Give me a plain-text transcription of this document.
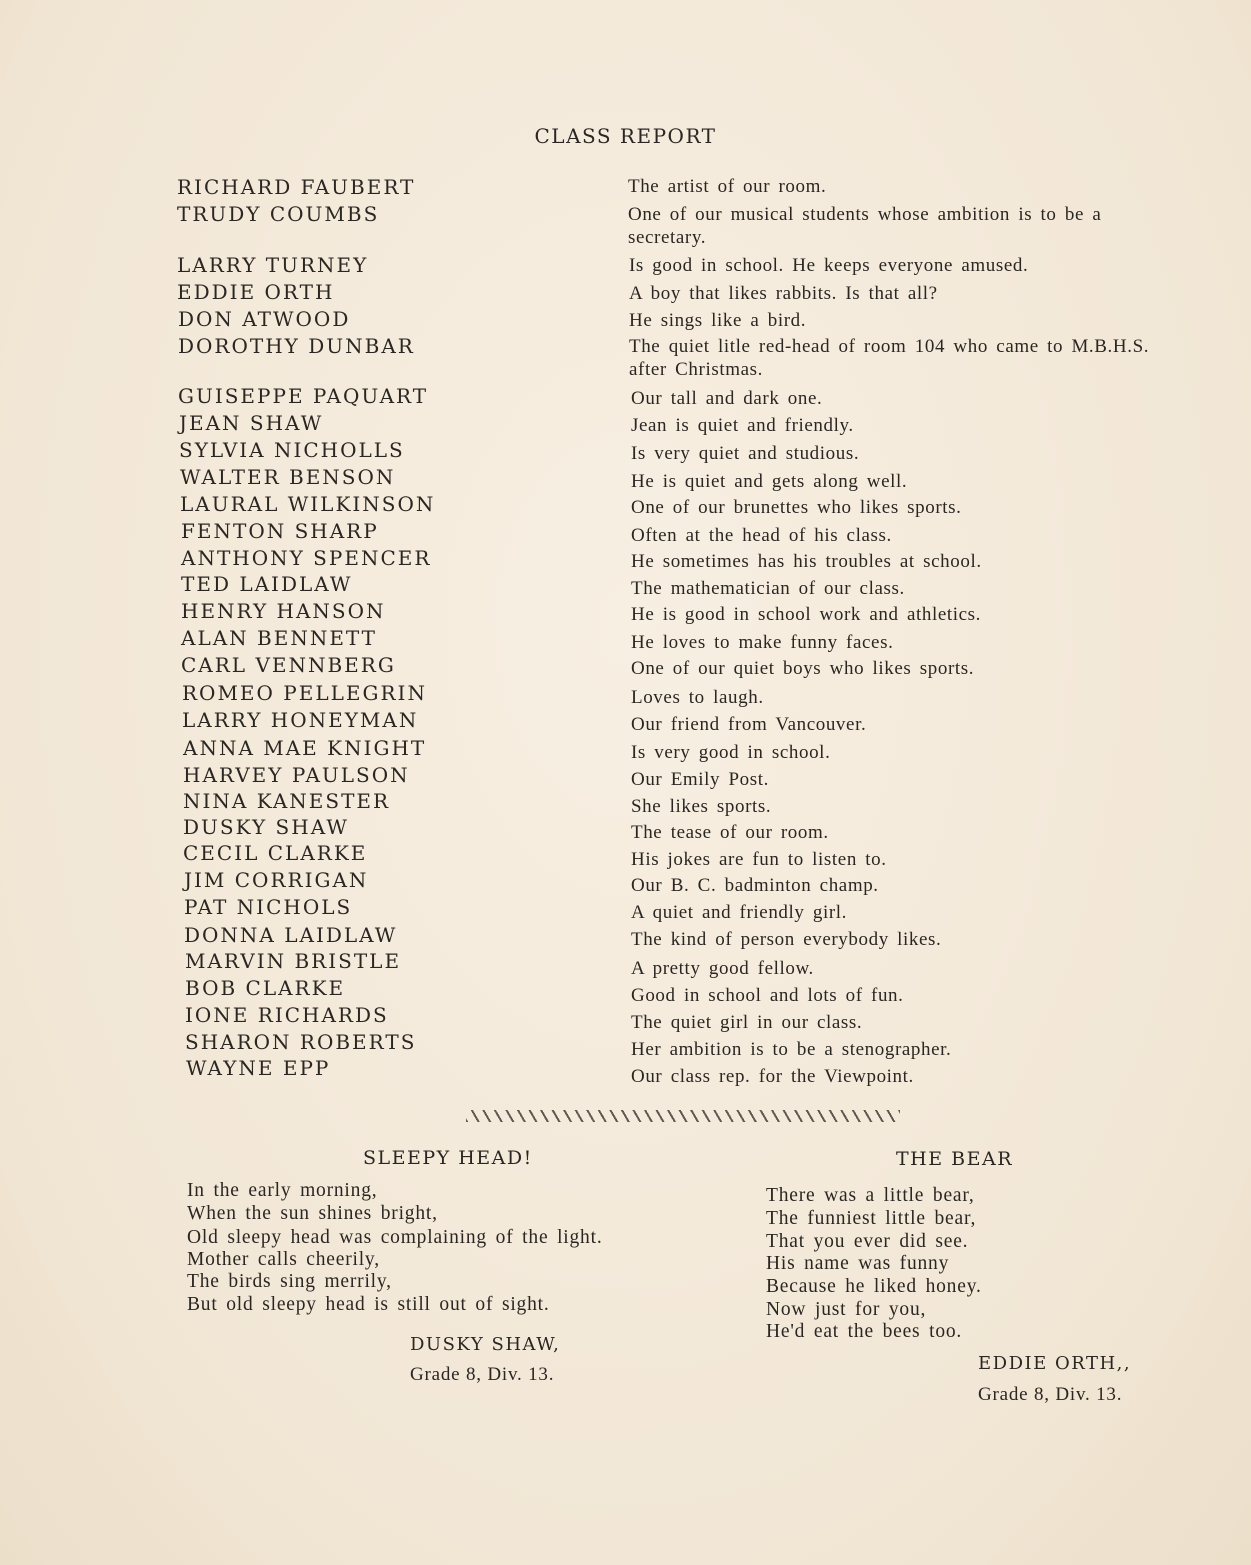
CLASS REPORT
RICHARD FAUBERT
TRUDY COUMBS
LARRY TURNEY
EDDIE ORTH
DON ATWOOD
DOROTHY DUNBAR
GUISEPPE PAQUART
JEAN SHAW
SYLVIA NICHOLLS
WALTER BENSON
LAURAL WILKINSON
FENTON SHARP
ANTHONY SPENCER
TED LAIDLAW
HENRY HANSON
ALAN BENNETT
CARL VENNBERG
ROMEO PELLEGRIN
LARRY HONEYMAN
ANNA MAE KNIGHT
HARVEY PAULSON
NINA KANESTER
DUSKY SHAW
CECIL CLARKE
JIM CORRIGAN
PAT NICHOLS
DONNA LAIDLAW
MARVIN BRISTLE
BOB CLARKE
IONE RICHARDS
SHARON ROBERTS
WAYNE EPP
The artist of our room.
One of our musical students whose ambition is to be a secretary.
Is good in school. He keeps everyone amused.
A boy that likes rabbits. Is that all?
He sings like a bird.
The quiet litle red-head of room 104 who came to M.B.H.S. after Christmas.
Our tall and dark one.
Jean is quiet and friendly.
Is very quiet and studious.
He is quiet and gets along well.
One of our brunettes who likes sports.
Often at the head of his class.
He sometimes has his troubles at school.
The mathematician of our class.
He is good in school work and athletics.
He loves to make funny faces.
One of our quiet boys who likes sports.
Loves to laugh.
Our friend from Vancouver.
Is very good in school.
Our Emily Post.
She likes sports.
The tease of our room.
His jokes are fun to listen to.
Our B. C. badminton champ.
A quiet and friendly girl.
The kind of person everybody likes.
A pretty good fellow.
Good in school and lots of fun.
The quiet girl in our class.
Her ambition is to be a stenographer.
Our class rep. for the Viewpoint.
SLEEPY HEAD!
In the early morning,
When the sun shines bright,
Old sleepy head was complaining of the light.
Mother calls cheerily,
The birds sing merrily,
But old sleepy head is still out of sight.
DUSKY SHAW,
Grade 8, Div. 13.
THE BEAR
There was a little bear,
The funniest little bear,
That you ever did see.
His name was funny
Because he liked honey.
Now just for you,
He'd eat the bees too.
EDDIE ORTH,,
Grade 8, Div. 13.
